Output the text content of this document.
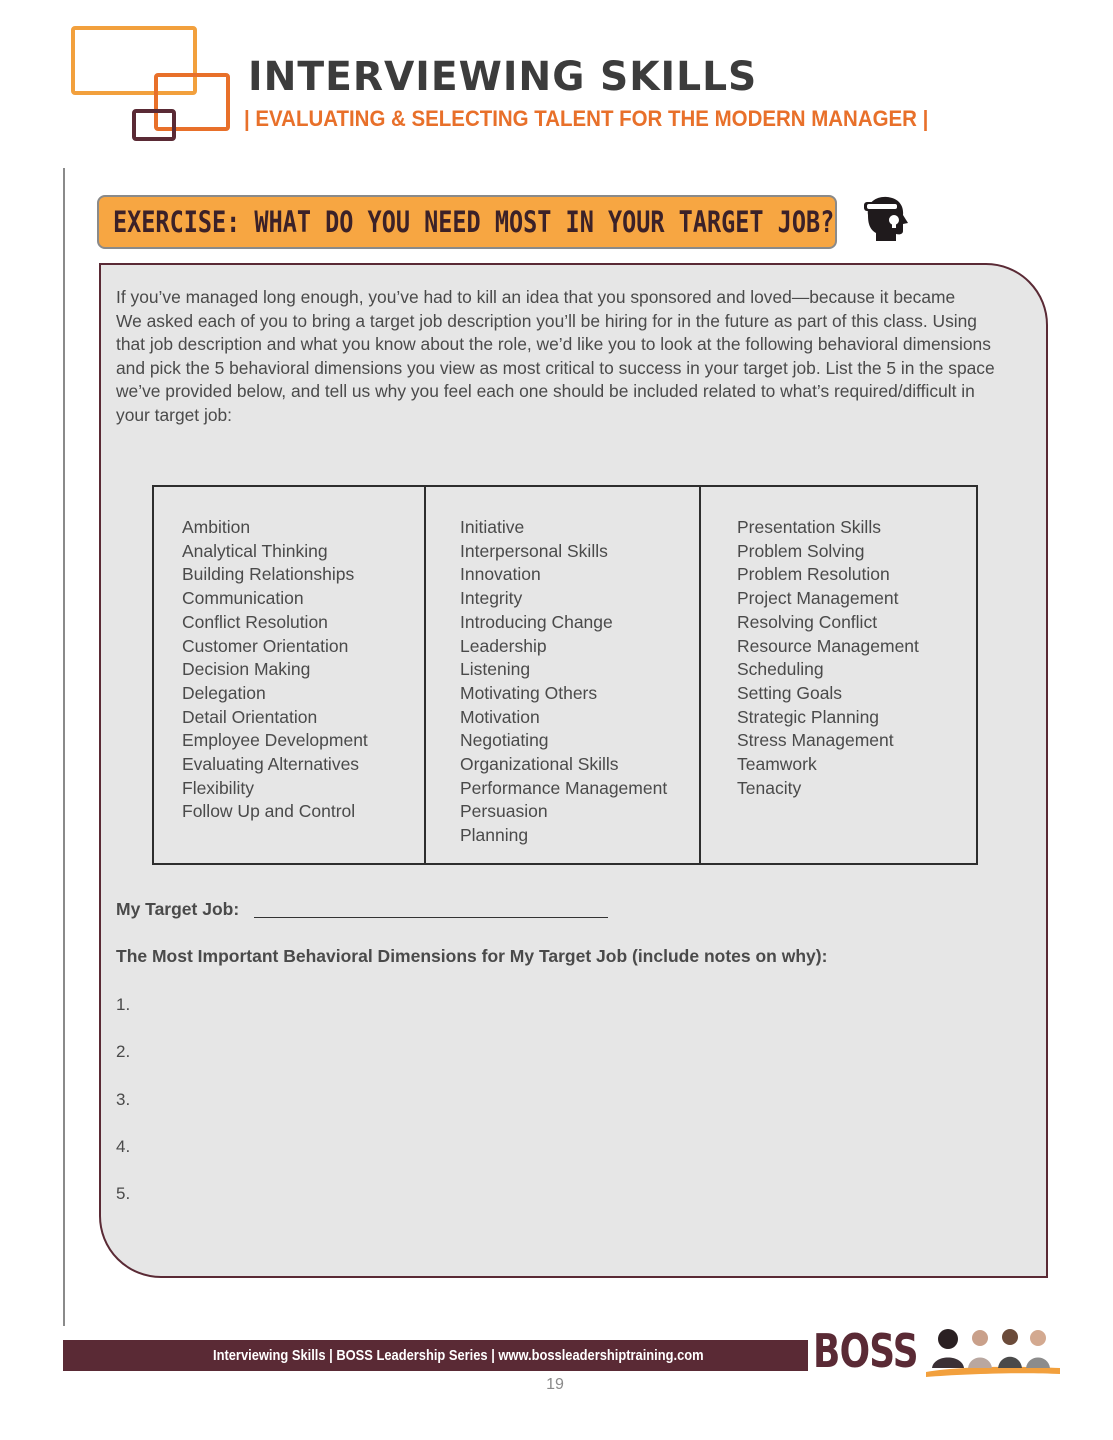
INTERVIEWING SKILLS
| EVALUATING & SELECTING TALENT FOR THE MODERN MANAGER |
EXERCISE: WHAT DO YOU NEED MOST IN YOUR TARGET JOB?
If you’ve managed long enough, you’ve had to kill an idea that you sponsored and loved—because it became
We asked each of you to bring a target job description you’ll be hiring for in the future as part of this class. Using
that job description and what you know about the role, we’d like you to look at the following behavioral dimensions
and pick the 5 behavioral dimensions you view as most critical to success in your target job. List the 5 in the space
we’ve provided below, and tell us why you feel each one should be included related to what’s required/difficult in
your target job:
Ambition
Analytical Thinking
Building Relationships
Communication
Conflict Resolution
Customer Orientation
Decision Making
Delegation
Detail Orientation
Employee Development
Evaluating Alternatives
Flexibility
Follow Up and Control
Initiative
Interpersonal Skills
Innovation
Integrity
Introducing Change
Leadership
Listening
Motivating Others
Motivation
Negotiating
Organizational Skills
Performance Management
Persuasion
Planning
Presentation Skills
Problem Solving
Problem Resolution
Project Management
Resolving Conflict
Resource Management
Scheduling
Setting Goals
Strategic Planning
Stress Management
Teamwork
Tenacity
My Target Job:
The Most Important Behavioral Dimensions for My Target Job (include notes on why):
1.
2.
3.
4.
5.
Interviewing Skills | BOSS Leadership Series | www.bossleadershiptraining.com BOSS
19
